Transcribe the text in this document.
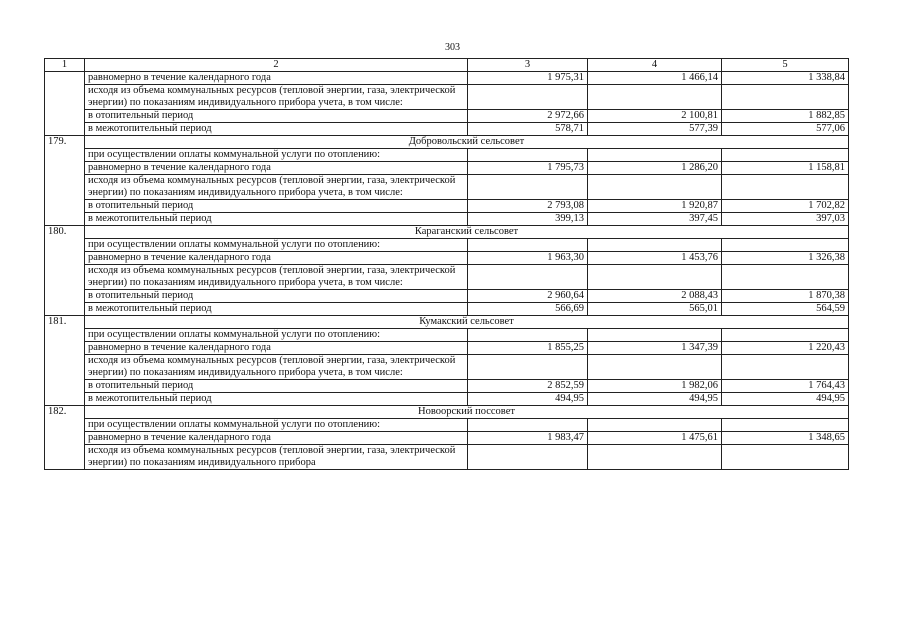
303
1	2	3	4	5
	равномерно в течение календарного года	1 975,31	1 466,14	1 338,84
	исходя из объема коммунальных ресурсов (тепловой энергии, газа, электрической энергии) по показаниям индивидуального прибора учета, в том числе:			
	в отопительный период	2 972,66	2 100,81	1 882,85
	в межотопительный период	578,71	577,39	577,06
179.	Добровольский сельсовет			
	при осуществлении оплаты коммунальной услуги по отоплению:			
	равномерно в течение календарного года	1 795,73	1 286,20	1 158,81
	исходя из объема коммунальных ресурсов (тепловой энергии, газа, электрической энергии) по показаниям индивидуального прибора учета, в том числе:			
	в отопительный период	2 793,08	1 920,87	1 702,82
	в межотопительный период	399,13	397,45	397,03
180.	Караганский сельсовет			
	при осуществлении оплаты коммунальной услуги по отоплению:			
	равномерно в течение календарного года	1 963,30	1 453,76	1 326,38
	исходя из объема коммунальных ресурсов (тепловой энергии, газа, электрической энергии) по показаниям индивидуального прибора учета, в том числе:			
	в отопительный период	2 960,64	2 088,43	1 870,38
	в межотопительный период	566,69	565,01	564,59
181.	Кумакский сельсовет			
	при осуществлении оплаты коммунальной услуги по отоплению:			
	равномерно в течение календарного года	1 855,25	1 347,39	1 220,43
	исходя из объема коммунальных ресурсов (тепловой энергии, газа, электрической энергии) по показаниям индивидуального прибора учета, в том числе:			
	в отопительный период	2 852,59	1 982,06	1 764,43
	в межотопительный период	494,95	494,95	494,95
182.	Новоорский поссовет			
	при осуществлении оплаты коммунальной услуги по отоплению:			
	равномерно в течение календарного года	1 983,47	1 475,61	1 348,65
	исходя из объема коммунальных ресурсов (тепловой энергии, газа, электрической энергии) по показаниям индивидуального прибора			
